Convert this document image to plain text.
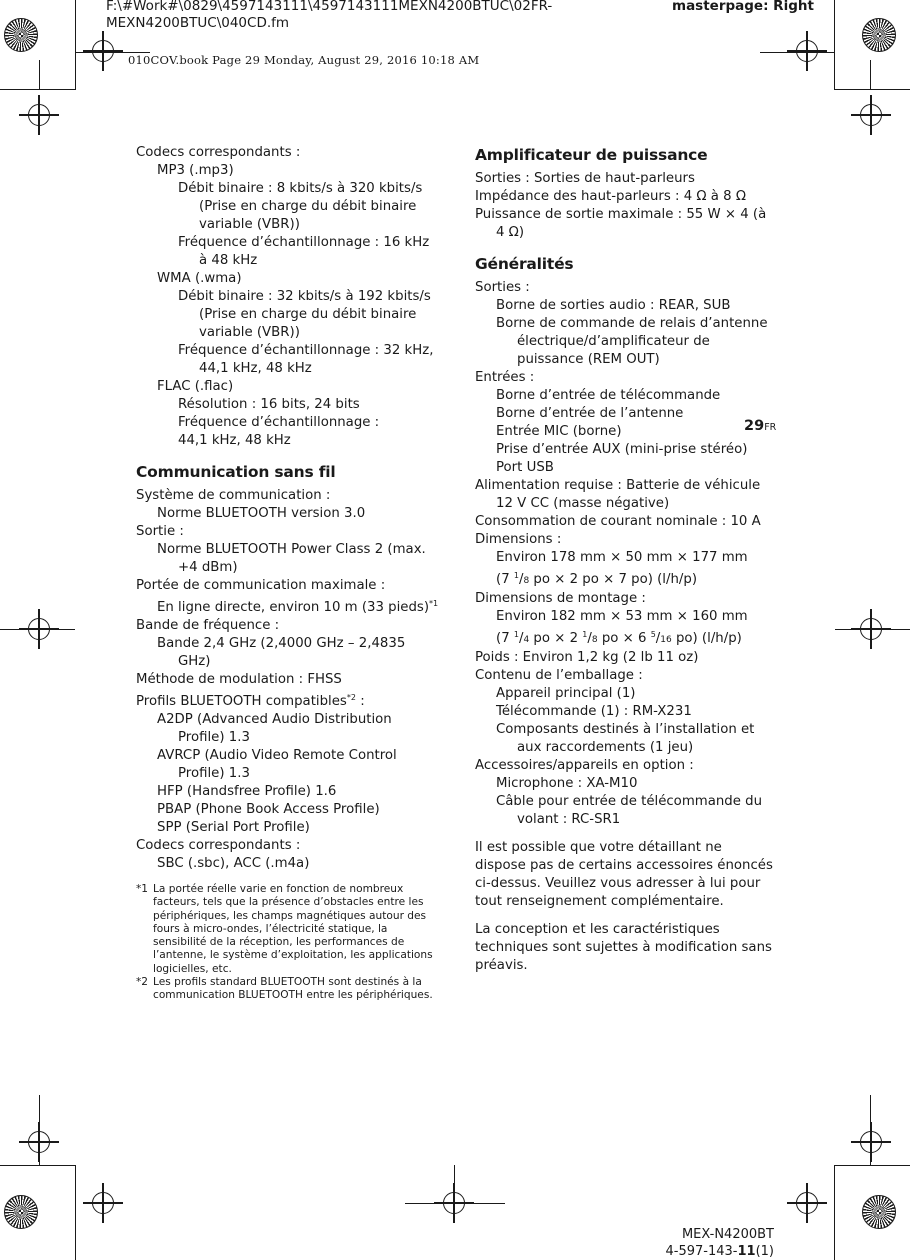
F:\#Work#\0829\4597143111\4597143111MEXN4200BTUC\02FR-
MEXN4200BTUC\040CD.fm
masterpage: Right
010COV.book Page 29 Monday, August 29, 2016 10:18 AM

Codecs correspondants :

MP3 (.mp3)

Débit binaire : 8 kbits/s à 320 kbits/s (Prise en charge du débit binaire variable (VBR))

Fréquence d’échantillonnage : 16 kHz à 48 kHz

WMA (.wma)

Débit binaire : 32 kbits/s à 192 kbits/s (Prise en charge du débit binaire variable (VBR))

Fréquence d’échantillonnage : 32 kHz, 44,1 kHz, 48 kHz

FLAC (.flac)

Résolution : 16 bits, 24 bits

Fréquence d’échantillonnage :

44,1 kHz, 48 kHz

Communication sans fil

Système de communication :

Norme BLUETOOTH version 3.0

Sortie :

Norme BLUETOOTH Power Class 2 (max. +4 dBm)

Portée de communication maximale :

En ligne directe, environ 10 m (33 pieds)$^{*1}$

Bande de fréquence :

Bande 2,4 GHz (2,4000 GHz – 2,4835 GHz)

Méthode de modulation : FHSS

Profils BLUETOOTH compatibles$^{*2}$ :

A2DP (Advanced Audio Distribution Profile) 1.3

AVRCP (Audio Video Remote Control Profile) 1.3

HFP (Handsfree Profile) 1.6

PBAP (Phone Book Access Profile)

SPP (Serial Port Profile)

Codecs correspondants :

SBC (.sbc), ACC (.m4a)

*1 La portée réelle varie en fonction de nombreux facteurs, tels que la présence d’obstacles entre les périphériques, les champs magnétiques autour des fours à micro-ondes, l’électricité statique, la sensibilité de la réception, les performances de l’antenne, le système d’exploitation, les applications logicielles, etc.
*2 Les profils standard BLUETOOTH sont destinés à la communication BLUETOOTH entre les périphériques.

Amplificateur de puissance

Sorties : Sorties de haut-parleurs

Impédance des haut-parleurs : 4 Ω à 8 Ω

Puissance de sortie maximale : 55 W × 4 (à 4 Ω)

Généralités

Sorties :

Borne de sorties audio : REAR, SUB

Borne de commande de relais d’antenne électrique/d’amplificateur de puissance (REM OUT)

Entrées :

Borne d’entrée de télécommande

Borne d’entrée de l’antenne

Entrée MIC (borne)

Prise d’entrée AUX (mini-prise stéréo)

Port USB

Alimentation requise : Batterie de véhicule 12 V CC (masse négative)

Consommation de courant nominale : 10 A

Dimensions :

Environ 178 mm × 50 mm × 177 mm

(7 $^1$/8 po × 2 po × 7 po) (l/h/p)

Dimensions de montage :

Environ 182 mm × 53 mm × 160 mm

(7 $^1$/4 po × 2 $^1$/8 po × 6 $^5$/16 po) (l/h/p)

Poids : Environ 1,2 kg (2 lb 11 oz)

Contenu de l’emballage :

Appareil principal (1)

Télécommande (1) : RM-X231

Composants destinés à l’installation et aux raccordements (1 jeu)

Accessoires/appareils en option :

Microphone : XA-M10

Câble pour entrée de télécommande du volant : RC-SR1

Il est possible que votre détaillant ne dispose pas de certains accessoires énoncés ci-dessus. Veuillez vous adresser à lui pour tout renseignement complémentaire.

La conception et les caractéristiques techniques sont sujettes à modification sans préavis.

29FR
MEX-N4200BT
4-597-143-11(1)
